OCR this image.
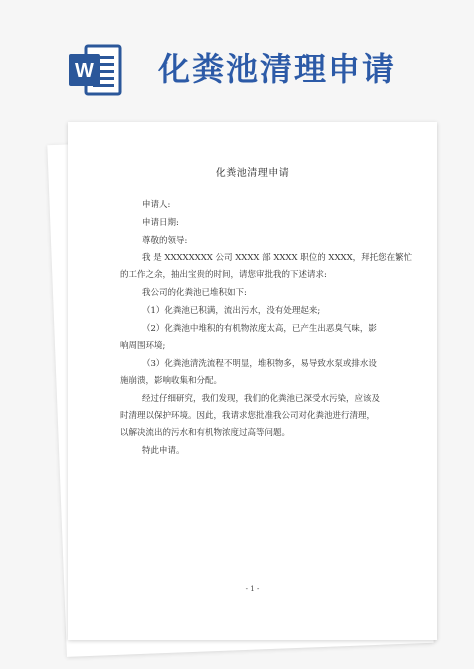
W 化粪池清理申请
化粪池清理申请
申请人:
申请日期:
尊敬的领导:
我 是 XXXXXXXX 公司 XXXX 部 XXXX 职位的 XXXX，拜托您在繁忙
的工作之余，抽出宝贵的时间，请您审批我的下述请求:
我公司的化粪池已堆积如下:
（1）化粪池已积满，流出污水，没有处理起来;
（2）化粪池中堆积的有机物浓度太高，已产生出恶臭气味，影
响周围环境;
（3）化粪池清洗流程不明显，堆积物多，易导致水泵或排水设
施崩溃，影响收集和分配。
经过仔细研究，我们发现，我们的化粪池已深受水污染，应该及
时清理以保护环境。因此，我请求您批准我公司对化粪池进行清理，
以解决流出的污水和有机物浓度过高等问题。
特此申请。
- 1 -
